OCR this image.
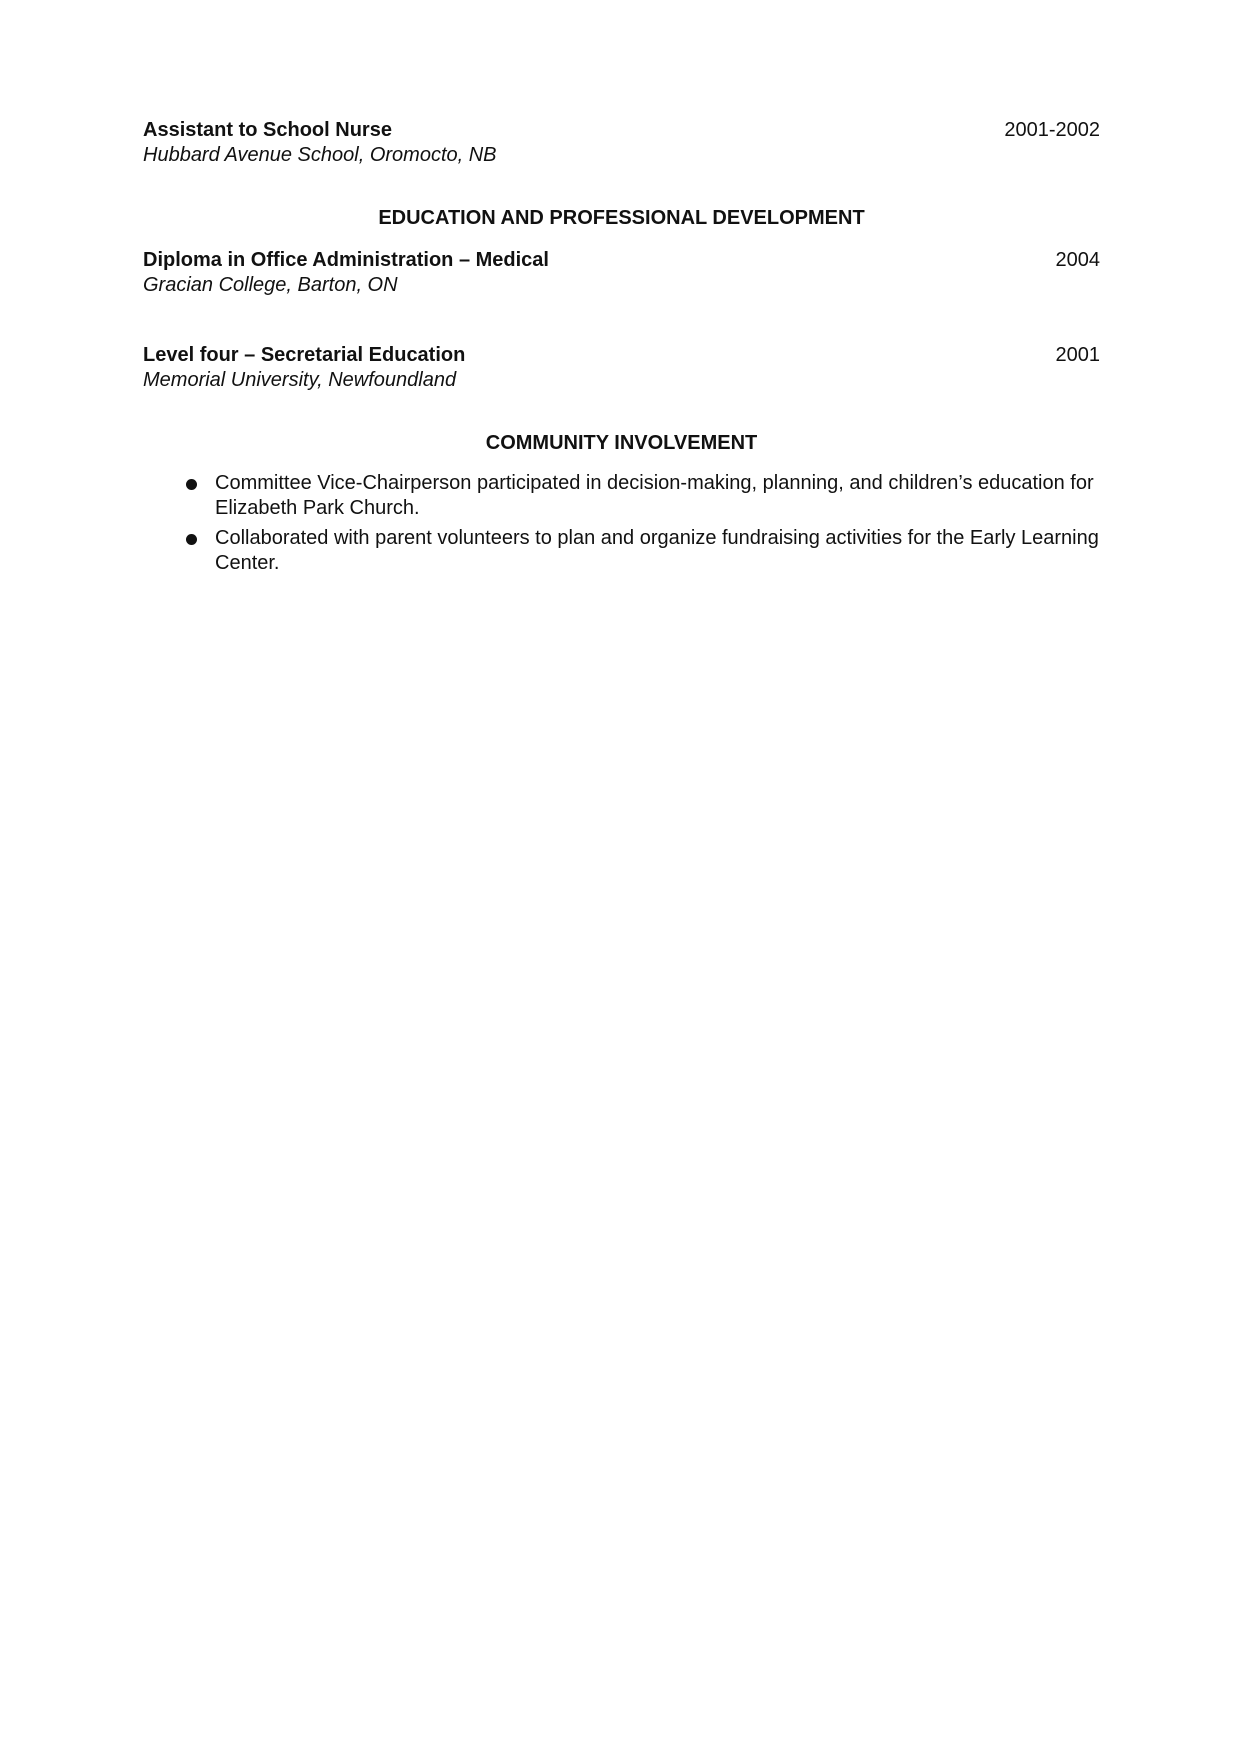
Assistant to School Nurse	2001-2002
Hubbard Avenue School, Oromocto, NB
EDUCATION AND PROFESSIONAL DEVELOPMENT
Diploma in Office Administration – Medical	2004
Gracian College, Barton, ON
Level four – Secretarial Education	2001
Memorial University, Newfoundland
COMMUNITY INVOLVEMENT
Committee Vice-Chairperson participated in decision-making, planning, and children’s education for Elizabeth Park Church.
Collaborated with parent volunteers to plan and organize fundraising activities for the Early Learning Center.
